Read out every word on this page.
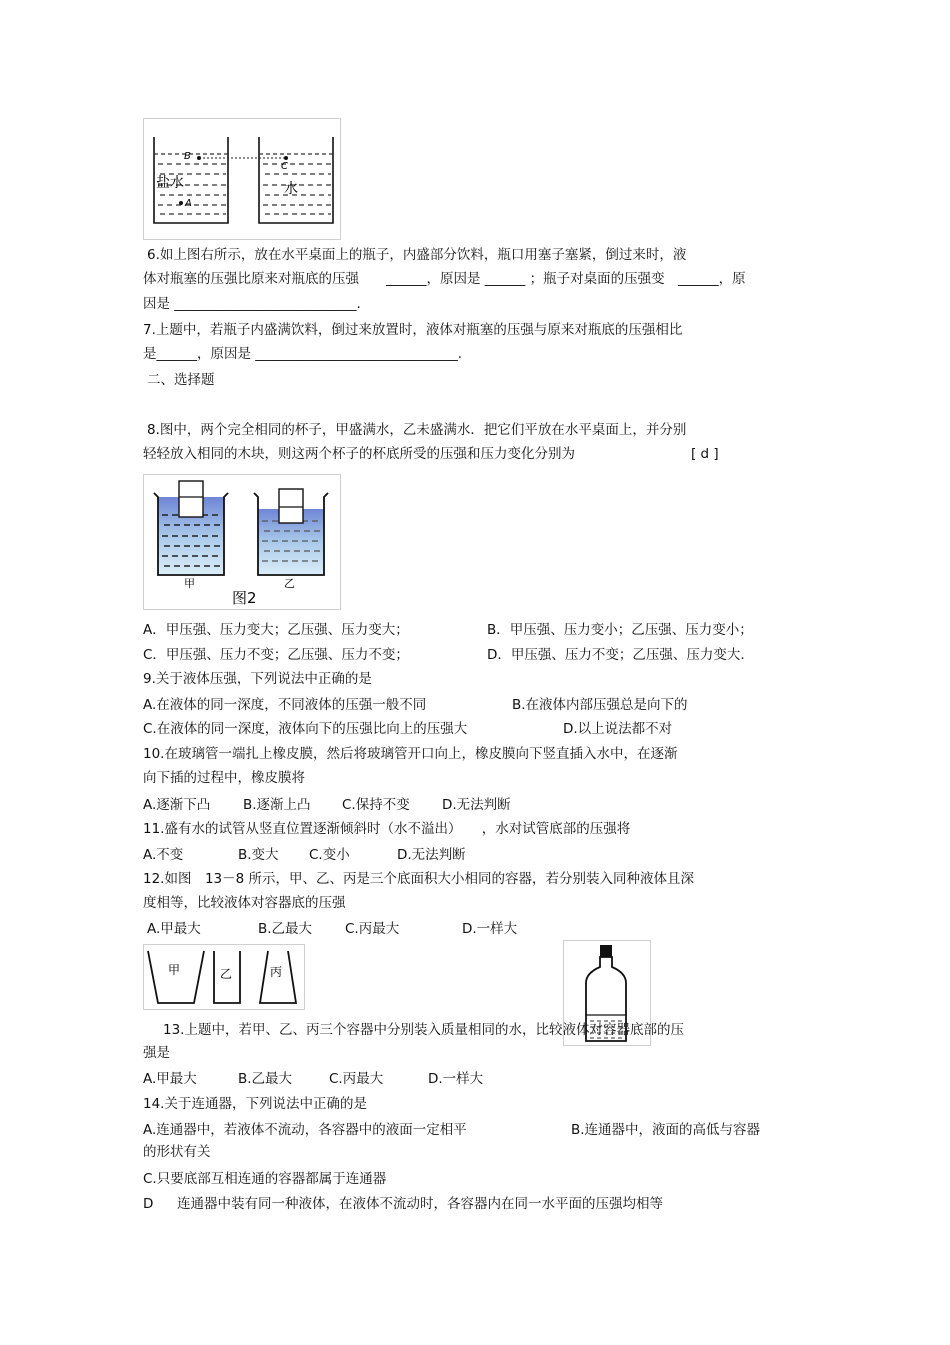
B
C
A
盐水	水
6.如上图右所示，放在水平桌面上的瓶子，内盛部分饮料，瓶口用塞子塞紧，倒过来时，液
体对瓶塞的压强比原来对瓶底的压强　　______，原因是 ______ ；瓶子对桌面的压强变　______，原
因是 ___________________________.
7.上题中，若瓶子内盛满饮料，倒过来放置时，液体对瓶塞的压强与原来对瓶底的压强相比
是______，原因是 ______________________________.
二、选择题
8.图中，两个完全相同的杯子，甲盛满水，乙未盛满水．把它们平放在水平桌面上，并分别
轻轻放入相同的木块，则这两个杯子的杯底所受的压强和压力变化分别为	[ d ]
甲	乙
图2
A．甲压强、压力变大；乙压强、压力变大；	B．甲压强、压力变小；乙压强、压力变小；
C．甲压强、压力不变；乙压强、压力不变；	D．甲压强、压力不变；乙压强、压力变大.
9.关于液体压强，下列说法中正确的是
A.在液体的同一深度，不同液体的压强一般不同	B.在液体内部压强总是向下的
C.在液体的同一深度，液体向下的压强比向上的压强大	D.以上说法都不对
10.在玻璃管一端扎上橡皮膜，然后将玻璃管开口向上，橡皮膜向下竖直插入水中，在逐渐
向下插的过程中，橡皮膜将
A.逐渐下凸 B.逐渐上凸 C.保持不变 D.无法判断
11.盛有水的试管从竖直位置逐渐倾斜时（水不溢出）　　，水对试管底部的压强将
A.不变	B.变大 C.变小	D.无法判断
12.如图　13－8 所示，甲、乙、丙是三个底面积大小相同的容器，若分别装入同种液体且深
度相等，比较液体对容器底的压强
A.甲最大	B.乙最大 C.丙最大	D.一样大
甲	乙	丙
13.上题中，若甲、乙、丙三个容器中分别装入质量相同的水，比较液体对容器底部的压
强是
A.甲最大	B.乙最大	C.丙最大	D.一样大
14.关于连通器，下列说法中正确的是
A.连通器中，若液体不流动，各容器中的液面一定相平	B.连通器中，液面的高低与容器
的形状有关
C.只要底部互相连通的容器都属于连通器
D 连通器中装有同一种液体，在液体不流动时，各容器内在同一水平面的压强均相等
